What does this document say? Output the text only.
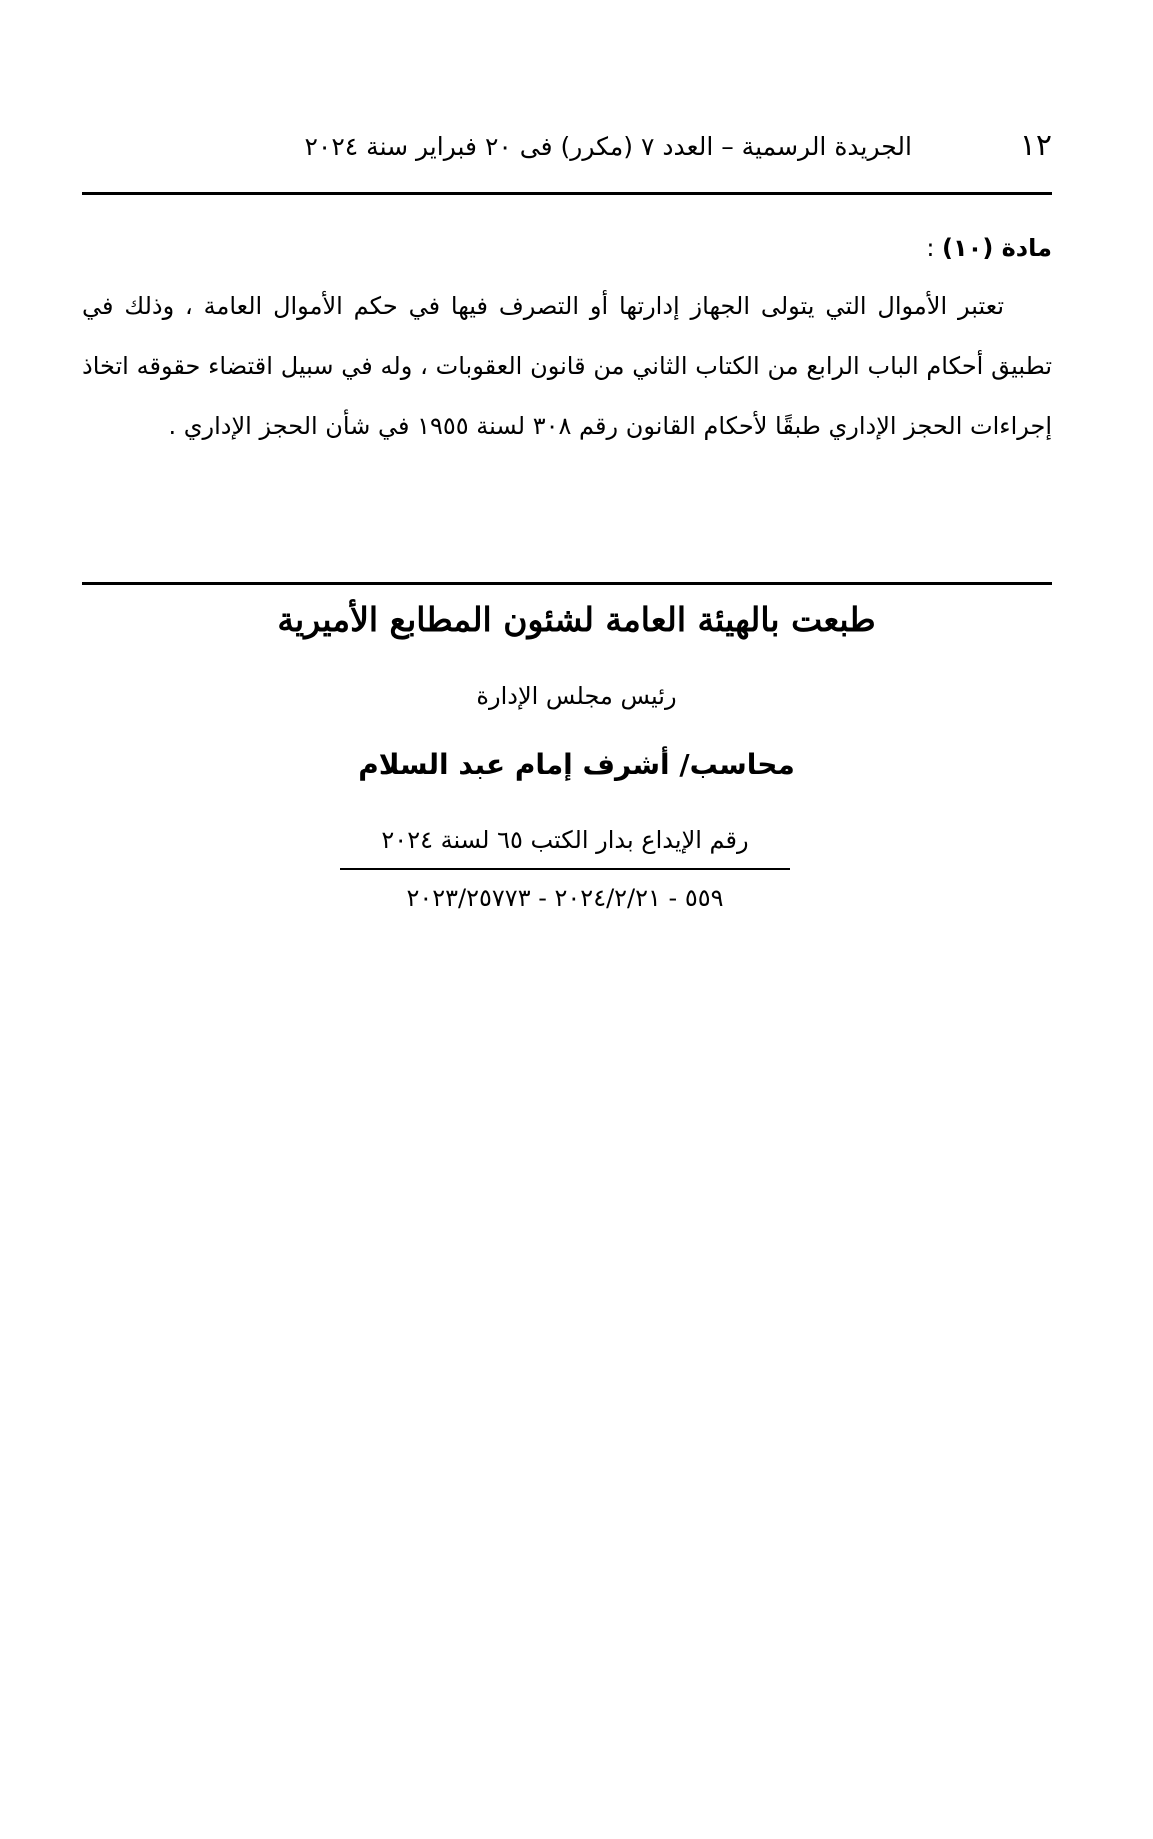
١٢
الجريدة الرسمية – العدد ٧ (مكرر) فى ٢٠ فبراير سنة ٢٠٢٤

مادة (١٠) :

تعتبر الأموال التي يتولى الجهاز إدارتها أو التصرف فيها في حكم الأموال العامة ، وذلك في تطبيق أحكام الباب الرابع من الكتاب الثاني من قانون العقوبات ، وله في سبيل اقتضاء حقوقه اتخاذ إجراءات الحجز الإداري طبقًا لأحكام القانون رقم ٣٠٨ لسنة ١٩٥٥ في شأن الحجز الإداري .

طبعت بالهيئة العامة لشئون المطابع الأميرية
رئيس مجلس الإدارة
محاسب/ أشرف إمام عبد السلام
رقم الإيداع بدار الكتب ٦٥ لسنة ٢٠٢٤
٥٥٩ - ٢٠٢٤/٢/٢١ - ٢٠٢٣/٢٥٧٧٣
